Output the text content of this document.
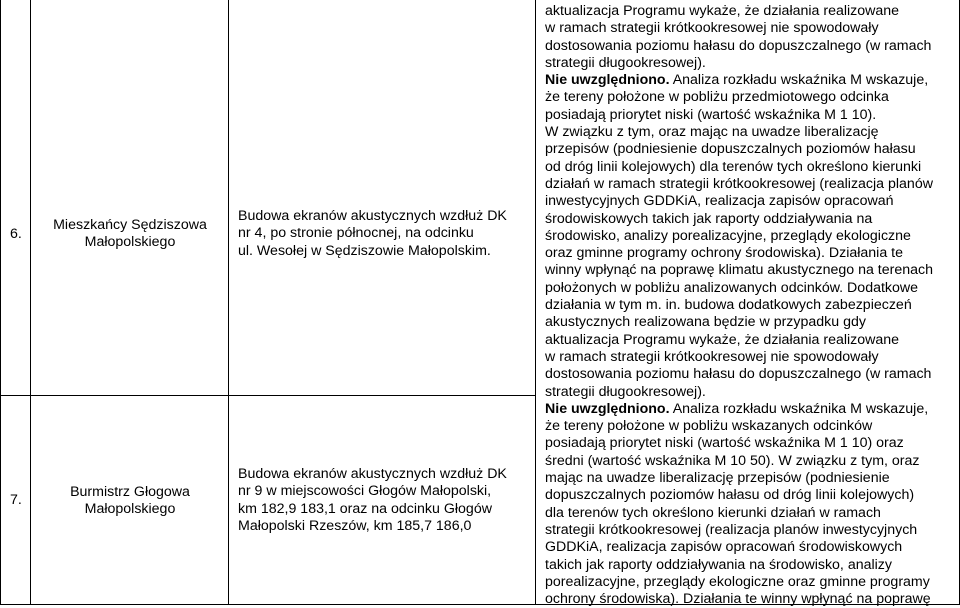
6.
Mieszkańcy Sędziszowa
Małopolskiego
Budowa ekranów akustycznych wzdłuż DK
nr 4, po stronie północnej, na odcinku
ul. Wesołej w Sędziszowie Małopolskim.
7.	Burmistrz Głogowa
Małopolskiego
Budowa ekranów akustycznych wzdłuż DK
nr 9 w miejscowości Głogów Małopolski,
km 182,9 183,1 oraz na odcinku Głogów
Małopolski Rzeszów, km 185,7 186,0
aktualizacja Programu wykaże, że działania realizowane
w ramach strategii krótkookresowej nie spowodowały
dostosowania poziomu hałasu do dopuszczalnego (w ramach
strategii długookresowej).
Nie uwzględniono. Analiza rozkładu wskaźnika M wskazuje,
że tereny położone w pobliżu przedmiotowego odcinka
posiadają priorytet niski (wartość wskaźnika M 1 10).
W związku z tym, oraz mając na uwadze liberalizację
przepisów (podniesienie dopuszczalnych poziomów hałasu
od dróg linii kolejowych) dla terenów tych określono kierunki
działań w ramach strategii krótkookresowej (realizacja planów
inwestycyjnych GDDKiA, realizacja zapisów opracowań
środowiskowych takich jak raporty oddziaływania na
środowisko, analizy porealizacyjne, przeglądy ekologiczne
oraz gminne programy ochrony środowiska). Działania te
winny wpłynąć na poprawę klimatu akustycznego na terenach
położonych w pobliżu analizowanych odcinków. Dodatkowe
działania w tym m. in. budowa dodatkowych zabezpieczeń
akustycznych realizowana będzie w przypadku gdy
aktualizacja Programu wykaże, że działania realizowane
w ramach strategii krótkookresowej nie spowodowały
dostosowania poziomu hałasu do dopuszczalnego (w ramach
strategii długookresowej).
Nie uwzględniono. Analiza rozkładu wskaźnika M wskazuje,
że tereny położone w pobliżu wskazanych odcinków
posiadają priorytet niski (wartość wskaźnika M 1 10) oraz
średni (wartość wskaźnika M 10 50). W związku z tym, oraz
mając na uwadze liberalizację przepisów (podniesienie
dopuszczalnych poziomów hałasu od dróg linii kolejowych)
dla terenów tych określono kierunki działań w ramach
strategii krótkookresowej (realizacja planów inwestycyjnych
GDDKiA, realizacja zapisów opracowań środowiskowych
takich jak raporty oddziaływania na środowisko, analizy
porealizacyjne, przeglądy ekologiczne oraz gminne programy
ochrony środowiska). Działania te winny wpłynąć na poprawę
